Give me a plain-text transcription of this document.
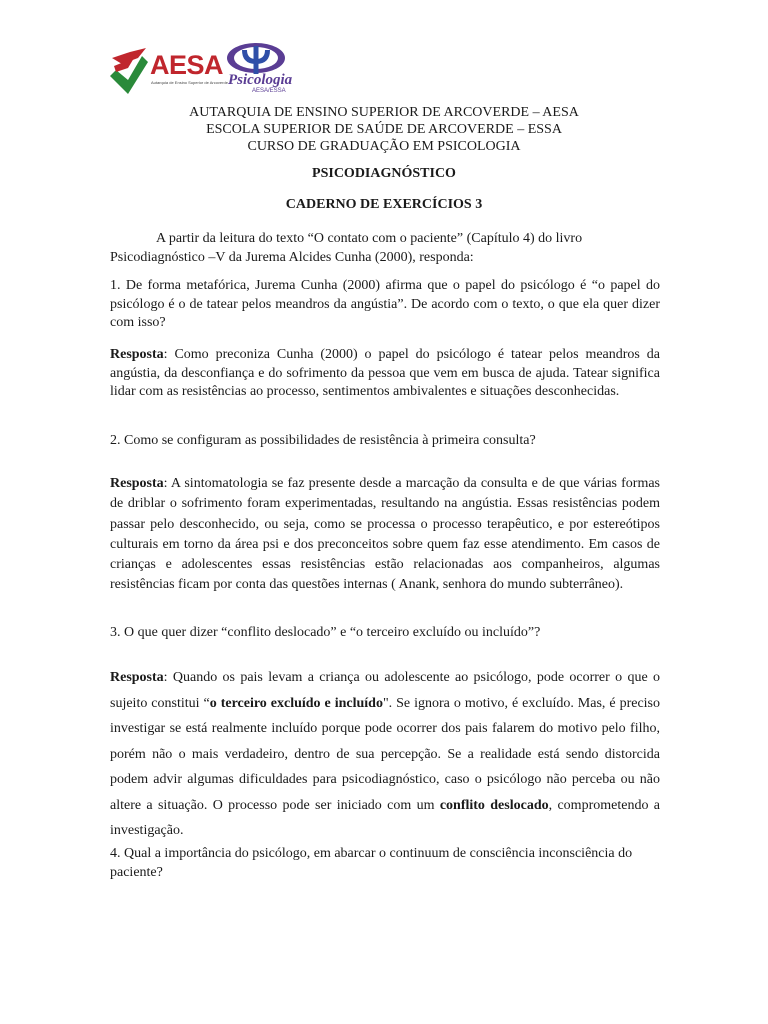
AESA
Autarquia de Ensino Superior de Arcoverde Psicologia
AESA/ESSA
AUTARQUIA DE ENSINO SUPERIOR DE ARCOVERDE – AESA
ESCOLA SUPERIOR DE SAÚDE DE ARCOVERDE – ESSA
CURSO DE GRADUAÇÃO EM PSICOLOGIA
PSICODIAGNÓSTICO
CADERNO DE EXERCÍCIOS 3
A partir da leitura do texto “O contato com o paciente” (Capítulo 4) do livro Psicodiagnóstico –V da Jurema Alcides Cunha (2000), responda:
1. De forma metafórica, Jurema Cunha (2000) afirma que o papel do psicólogo é “o papel do psicólogo é o de tatear pelos meandros da angústia”. De acordo com o texto, o que ela quer dizer com isso?
Resposta: Como preconiza Cunha (2000) o papel do psicólogo é tatear pelos meandros da angústia, da desconfiança e do sofrimento da pessoa que vem em busca de ajuda. Tatear significa lidar com as resistências ao processo, sentimentos ambivalentes e situações desconhecidas.
2. Como se configuram as possibilidades de resistência à primeira consulta?
Resposta: A sintomatologia se faz presente desde a marcação da consulta e de que várias formas de driblar o sofrimento foram experimentadas, resultando na angústia. Essas resistências podem passar pelo desconhecido, ou seja, como se processa o processo terapêutico, e por estereótipos culturais em torno da área psi e dos preconceitos sobre quem faz esse atendimento. Em casos de crianças e adolescentes essas resistências estão relacionadas aos companheiros, algumas resistências ficam por conta das questões internas ( Anank, senhora do mundo subterrâneo).
3. O que quer dizer “conflito deslocado” e “o terceiro excluído ou incluído”?
Resposta: Quando os pais levam a criança ou adolescente ao psicólogo, pode ocorrer o que o sujeito constitui “o terceiro excluído e incluído". Se ignora o motivo, é excluído. Mas, é preciso investigar se está realmente incluído porque pode ocorrer dos pais falarem do motivo pelo filho, porém não o mais verdadeiro, dentro de sua percepção. Se a realidade está sendo distorcida podem advir algumas dificuldades para psicodiagnóstico, caso o psicólogo não perceba ou não altere a situação. O processo pode ser iniciado com um conflito deslocado, comprometendo a investigação.
4. Qual a importância do psicólogo, em abarcar o continuum de consciência inconsciência do paciente?
